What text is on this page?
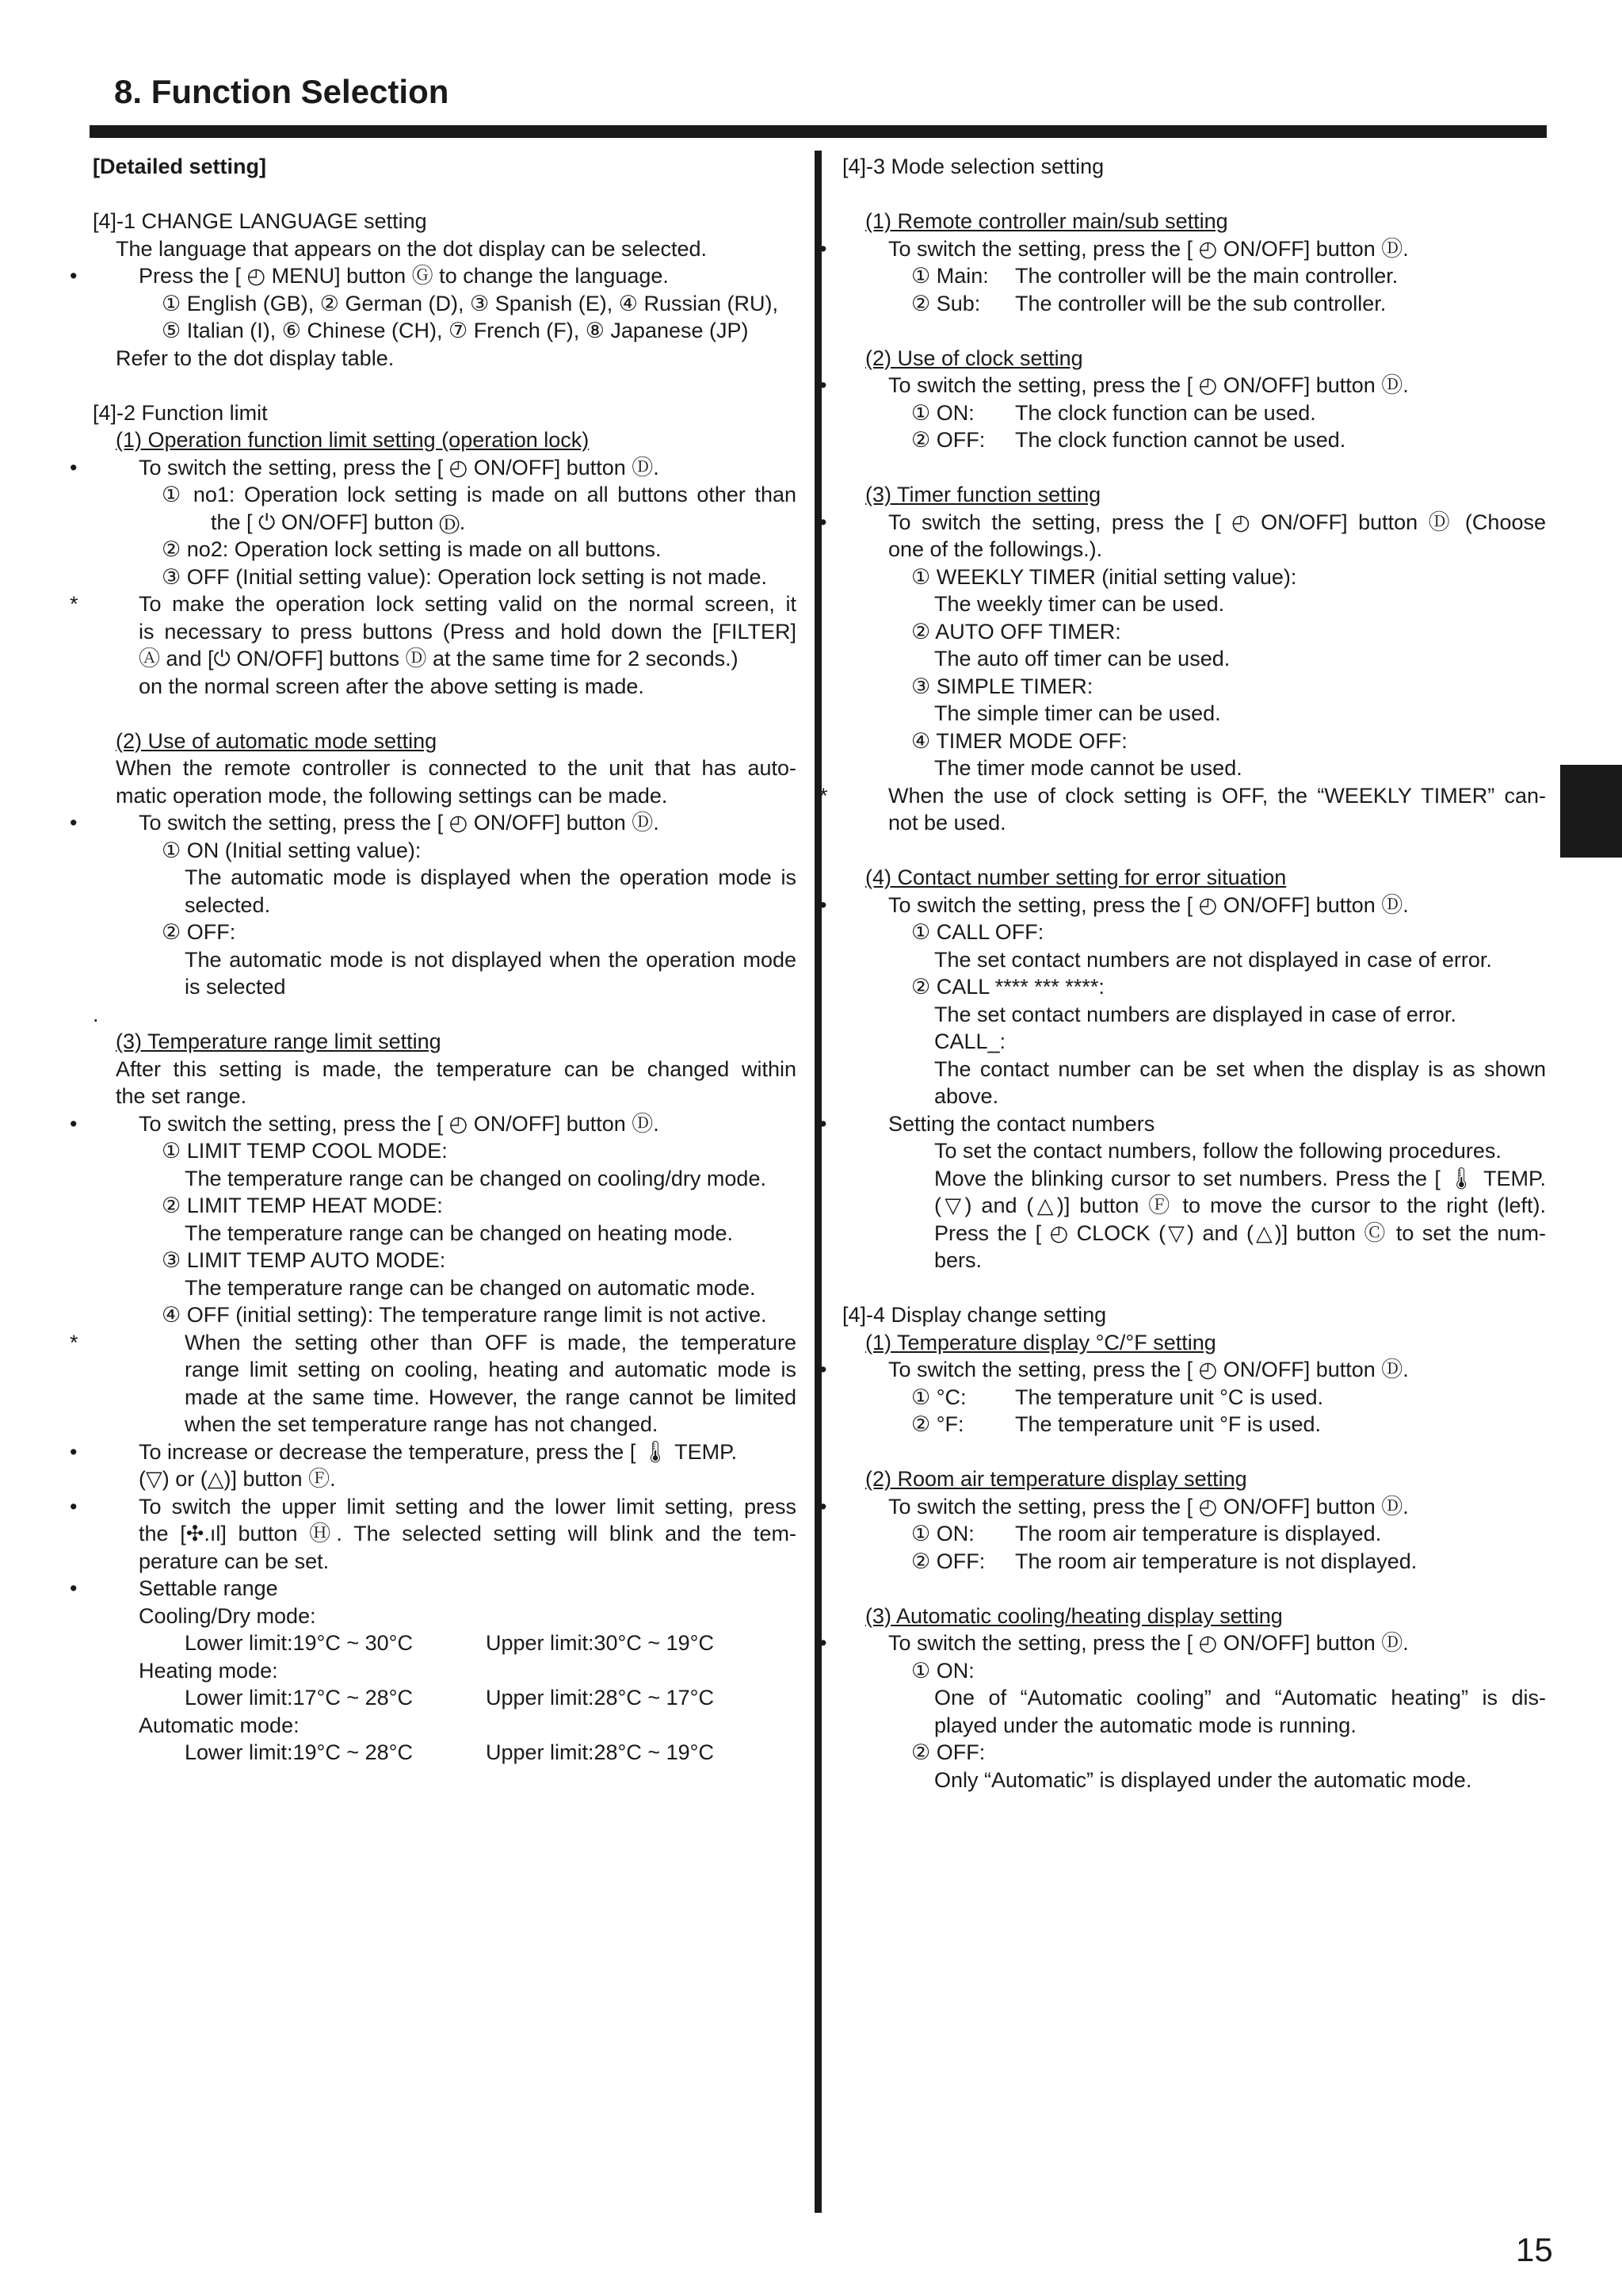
8. Function Selection
[Detailed setting]
[4]-1 CHANGE LANGUAGE setting
The language that appears on the dot display can be selected.
•	Press the [ ◴ MENU] button Ⓖ to change the language.
① English (GB), ② German (D), ③ Spanish (E), ④ Russian (RU),
⑤ Italian (I), ⑥ Chinese (CH), ⑦ French (F), ⑧ Japanese (JP)
Refer to the dot display table.
[4]-2 Function limit
(1) Operation function limit setting (operation lock)
•	To switch the setting, press the [ ◴ ON/OFF] button Ⓓ.
① no1: Operation lock setting is made on all buttons other than
the [ ⏻ ON/OFF] button Ⓓ.
② no2: Operation lock setting is made on all buttons.
③ OFF (Initial setting value): Operation lock setting is not made.
*	To make the operation lock setting valid on the normal screen, it
is necessary to press buttons (Press and hold down the [FILTER]
Ⓐ and [⏻ ON/OFF] buttons Ⓓ at the same time for 2 seconds.)
on the normal screen after the above setting is made.
(2) Use of automatic mode setting
When the remote controller is connected to the unit that has auto-
matic operation mode, the following settings can be made.
•	To switch the setting, press the [ ◴ ON/OFF] button Ⓓ.
① ON (Initial setting value):
The automatic mode is displayed when the operation mode is
selected.
② OFF:
The automatic mode is not displayed when the operation mode
is selected
.
(3) Temperature range limit setting
After this setting is made, the temperature can be changed within
the set range.
•	To switch the setting, press the [ ◴ ON/OFF] button Ⓓ.
① LIMIT TEMP COOL MODE:
The temperature range can be changed on cooling/dry mode.
② LIMIT TEMP HEAT MODE:
The temperature range can be changed on heating mode.
③ LIMIT TEMP AUTO MODE:
The temperature range can be changed on automatic mode.
④ OFF (initial setting): The temperature range limit is not active.
*	When the setting other than OFF is made, the temperature
range limit setting on cooling, heating and automatic mode is
made at the same time. However, the range cannot be limited
when the set temperature range has not changed.
•	To increase or decrease the temperature, press the [ 🌡 TEMP.
(▽) or (△)] button Ⓕ.
•	To switch the upper limit setting and the lower limit setting, press
the [✣.ıl] button Ⓗ. The selected setting will blink and the tem-
perature can be set.
•	Settable range
Cooling/Dry mode:
Lower limit:19°C ~ 30°C	Upper limit:30°C ~ 19°C
Heating mode:
Lower limit:17°C ~ 28°C	Upper limit:28°C ~ 17°C
Automatic mode:
Lower limit:19°C ~ 28°C	Upper limit:28°C ~ 19°C
[4]-3 Mode selection setting
(1) Remote controller main/sub setting
•	To switch the setting, press the [ ◴ ON/OFF] button Ⓓ.
① Main:	The controller will be the main controller.
② Sub:	The controller will be the sub controller.
(2) Use of clock setting
•	To switch the setting, press the [ ◴ ON/OFF] button Ⓓ.
① ON:	The clock function can be used.
② OFF:	The clock function cannot be used.
(3) Timer function setting
•	To switch the setting, press the [ ◴ ON/OFF] button Ⓓ (Choose
one of the followings.).
① WEEKLY TIMER (initial setting value):
The weekly timer can be used.
② AUTO OFF TIMER:
The auto off timer can be used.
③ SIMPLE TIMER:
The simple timer can be used.
④ TIMER MODE OFF:
The timer mode cannot be used.
*	When the use of clock setting is OFF, the “WEEKLY TIMER” can-
not be used.
(4) Contact number setting for error situation
•	To switch the setting, press the [ ◴ ON/OFF] button Ⓓ.
① CALL OFF:
The set contact numbers are not displayed in case of error.
② CALL **** *** ****:
The set contact numbers are displayed in case of error.
CALL_:
The contact number can be set when the display is as shown
above.
•	Setting the contact numbers
To set the contact numbers, follow the following procedures.
Move the blinking cursor to set numbers. Press the [ 🌡 TEMP.
(▽) and (△)] button Ⓕ to move the cursor to the right (left).
Press the [ ◴ CLOCK (▽) and (△)] button Ⓒ to set the num-
bers.
[4]-4 Display change setting
(1) Temperature display °C/°F setting
•	To switch the setting, press the [ ◴ ON/OFF] button Ⓓ.
① °C:	The temperature unit °C is used.
② °F:	The temperature unit °F is used.
(2) Room air temperature display setting
•	To switch the setting, press the [ ◴ ON/OFF] button Ⓓ.
① ON:	The room air temperature is displayed.
② OFF:	The room air temperature is not displayed.
(3) Automatic cooling/heating display setting
•	To switch the setting, press the [ ◴ ON/OFF] button Ⓓ.
① ON:
One of “Automatic cooling” and “Automatic heating” is dis-
played under the automatic mode is running.
② OFF:
Only “Automatic” is displayed under the automatic mode.
15
